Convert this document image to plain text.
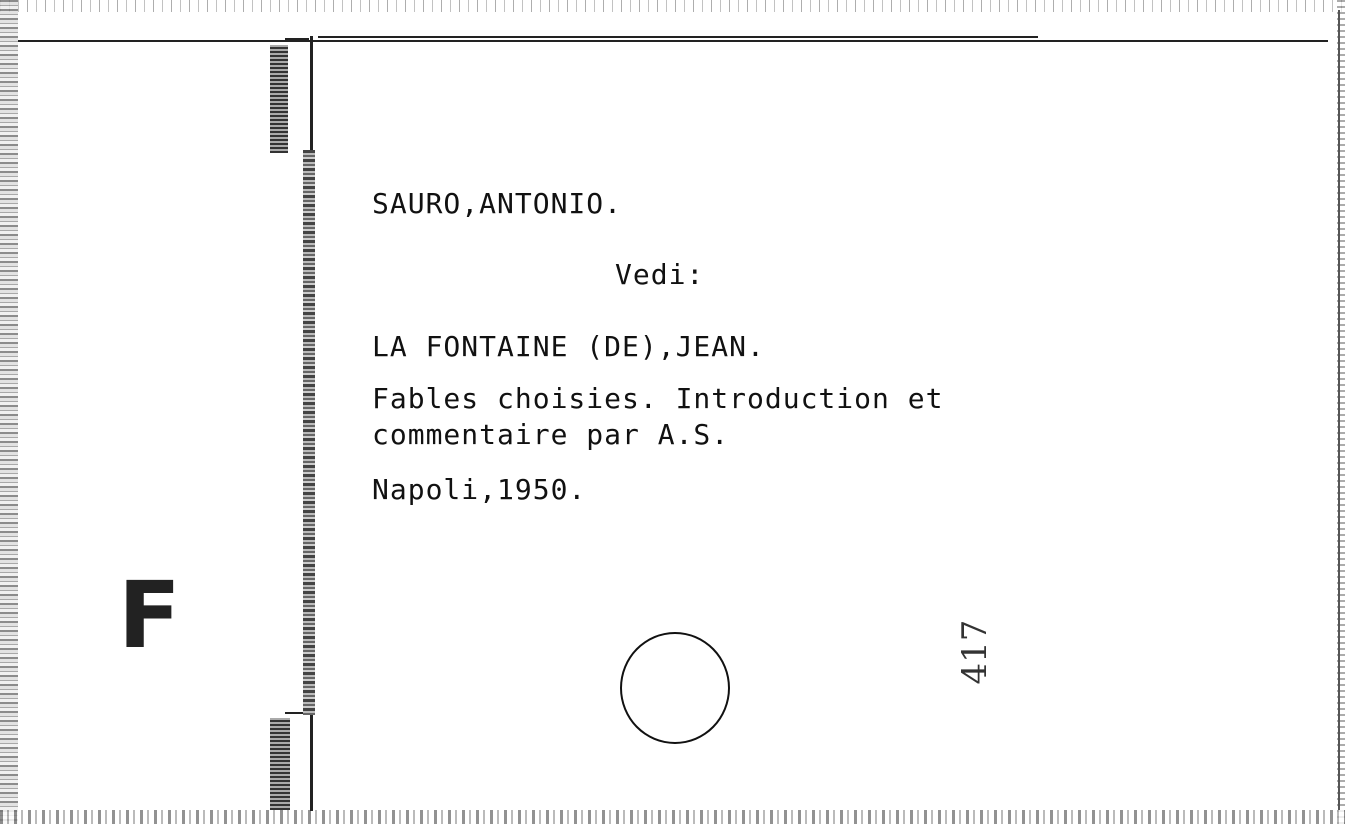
SAURO,ANTONIO.
Vedi:
LA FONTAINE (DE),JEAN.
Fables choisies. Introduction et
commentaire par A.S.
Napoli,1950.
F	417
